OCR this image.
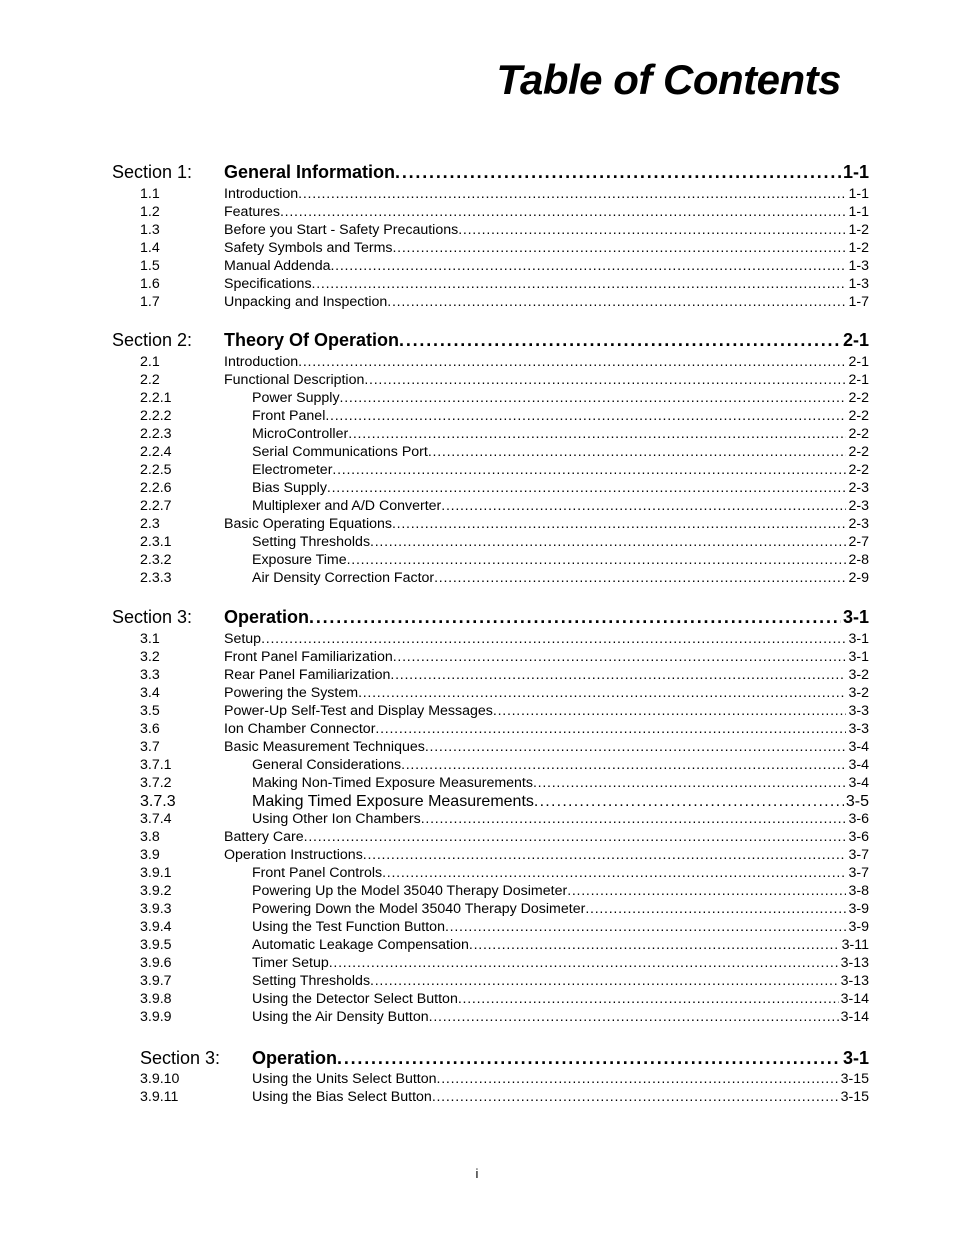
Table of Contents
Section 1:	General Information . . .	1-1
1.1	Introduction . . .	1-1
1.2	Features . . .	1-1
1.3	Before you Start - Safety Precautions . . .	1-2
1.4	Safety Symbols and Terms . . .	1-2
1.5	Manual Addenda . . .	1-3
1.6	Specifications . . .	1-3
1.7	Unpacking and Inspection . . .	1-7
Section 2:	Theory Of Operation . . .	2-1
2.1	Introduction . . .	2-1
2.2	Functional Description . . .	2-1
2.2.1	Power Supply . . .	2-2
2.2.2	Front Panel . . .	2-2
2.2.3	MicroController . . .	2-2
2.2.4	Serial Communications Port . . .	2-2
2.2.5	Electrometer . . .	2-2
2.2.6	Bias Supply . . .	2-3
2.2.7	Multiplexer and A/D Converter . . .	2-3
2.3	Basic Operating Equations . . .	2-3
2.3.1	Setting Thresholds . . .	2-7
2.3.2	Exposure Time . . .	2-8
2.3.3	Air Density Correction Factor . . .	2-9
Section 3:	Operation . . .	3-1
3.1	Setup . . .	3-1
3.2	Front Panel Familiarization . . .	3-1
3.3	Rear Panel Familiarization . . .	3-2
3.4	Powering the System . . .	3-2
3.5	Power-Up Self-Test and Display Messages . . .	3-3
3.6	Ion Chamber Connector . . .	3-3
3.7	Basic Measurement Techniques . . .	3-4
3.7.1	General Considerations . . .	3-4
3.7.2	Making Non-Timed Exposure Measurements . . .	3-4
3.7.3	Making Timed Exposure Measurements . . .	3-5
3.7.4	Using Other Ion Chambers . . .	3-6
3.8	Battery Care . . .	3-6
3.9	Operation Instructions . . .	3-7
3.9.1	Front Panel Controls . . .	3-7
3.9.2	Powering Up the Model 35040 Therapy Dosimeter . . .	3-8
3.9.3	Powering Down the Model 35040 Therapy Dosimeter . . .	3-9
3.9.4	Using the Test Function Button . . .	3-9
3.9.5	Automatic Leakage Compensation . . .	3-11
3.9.6	Timer Setup . . .	3-13
3.9.7	Setting Thresholds . . .	3-13
3.9.8	Using the Detector Select Button . . .	3-14
3.9.9	Using the Air Density Button . . .	3-14
Section 3:	Operation . . .	3-1
3.9.10	Using the Units Select Button . . .	3-15
3.9.11	Using the Bias Select Button . . .	3-15
i
